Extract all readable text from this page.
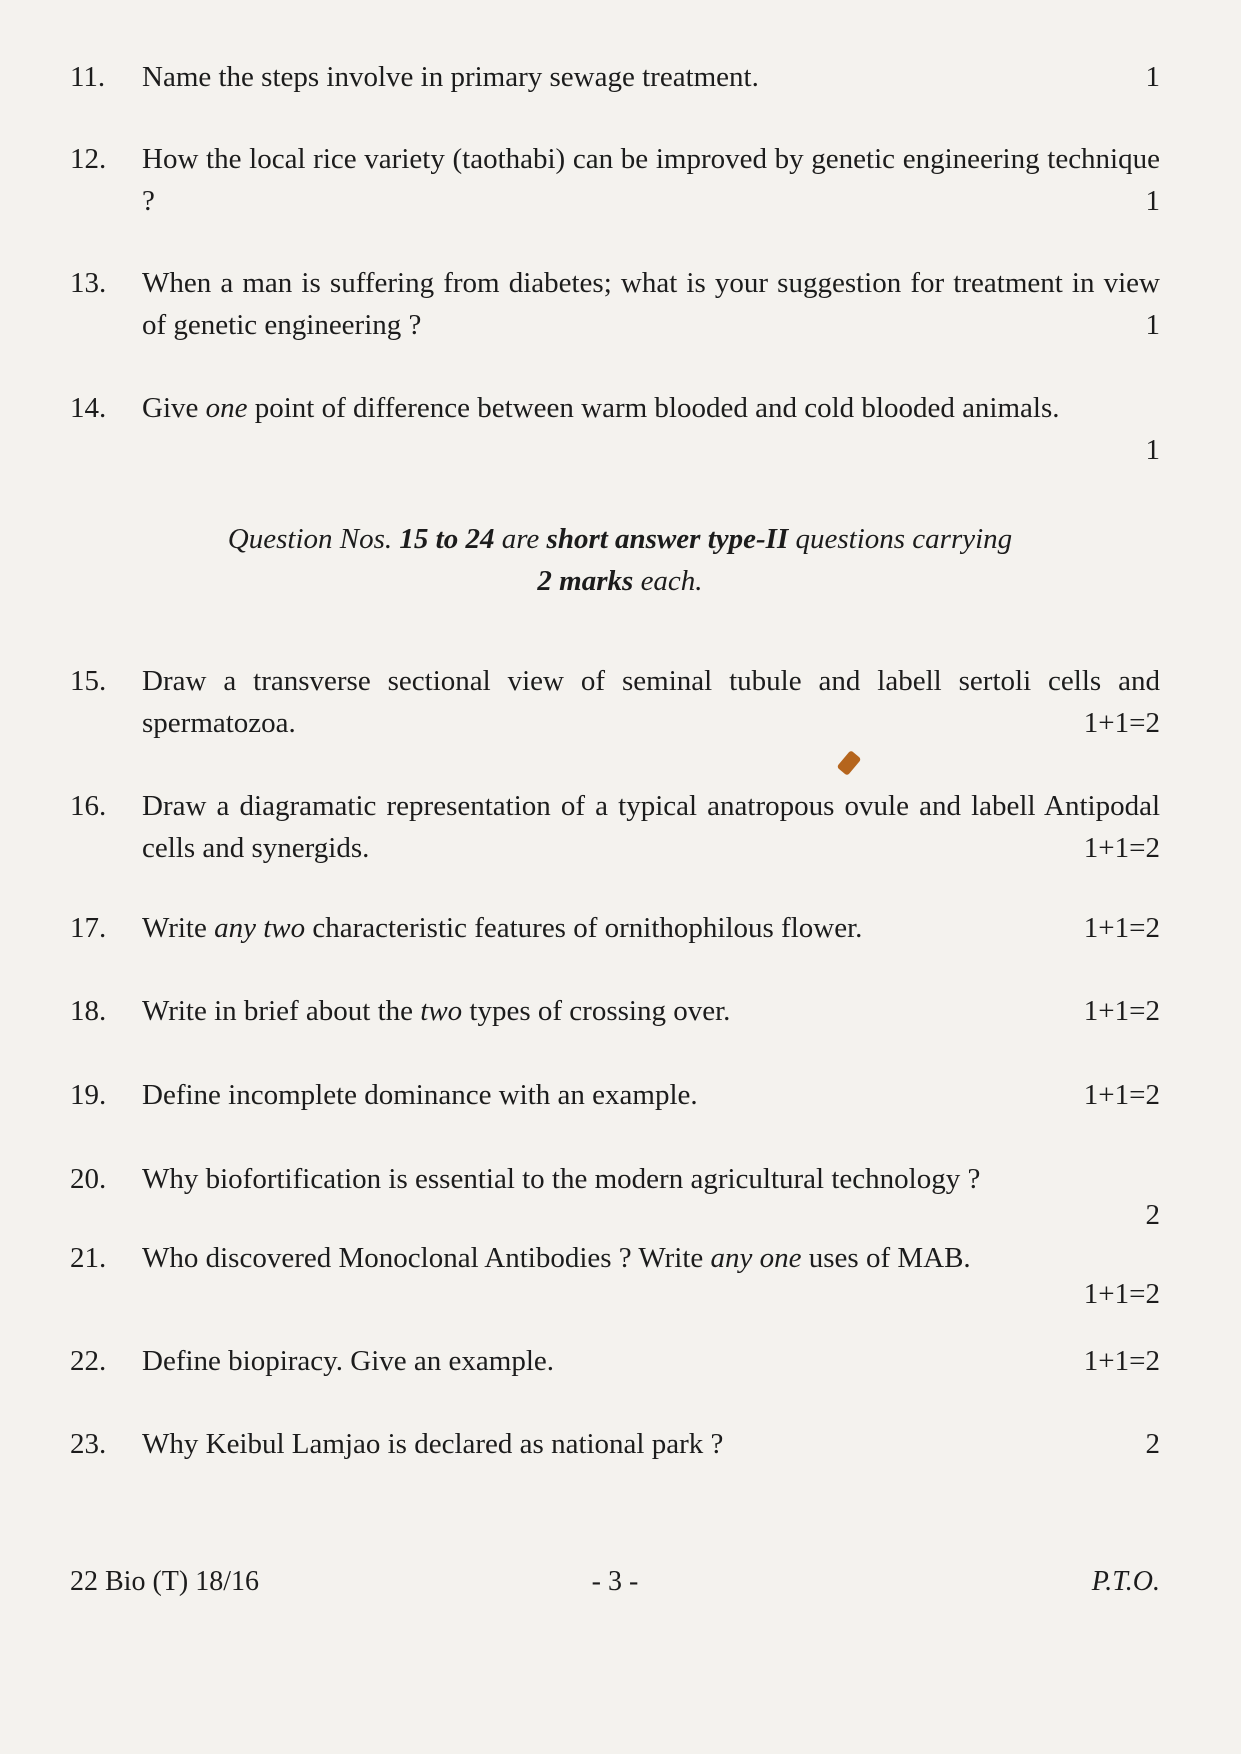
11. Name the steps involve in primary sewage treatment.	1
12. How the local rice variety (taothabi) can be improved by genetic engineering technique ?	1
13. When a man is suffering from diabetes; what is your suggestion for treatment in view of genetic engineering ?	1
14. Give one point of difference between warm blooded and cold blooded animals.
1
Question Nos. 15 to 24 are short answer type-II questions carrying
2 marks each.
15. Draw a transverse sectional view of seminal tubule and labell sertoli cells and spermatozoa.	1+1=2
16. Draw a diagramatic representation of a typical anatropous ovule and labell Antipodal cells and synergids.	1+1=2
17. Write any two characteristic features of ornithophilous flower.	1+1=2
18. Write in brief about the two types of crossing over.	1+1=2
19. Define incomplete dominance with an example.	1+1=2
20. Why biofortification is essential to the modern agricultural technology ?
2
21. Who discovered Monoclonal Antibodies ? Write any one uses of MAB.
1+1=2
22. Define biopiracy. Give an example.	1+1=2
23. Why Keibul Lamjao is declared as national park ?	2
22 Bio (T) 18/16	- 3 -	P.T.O.
